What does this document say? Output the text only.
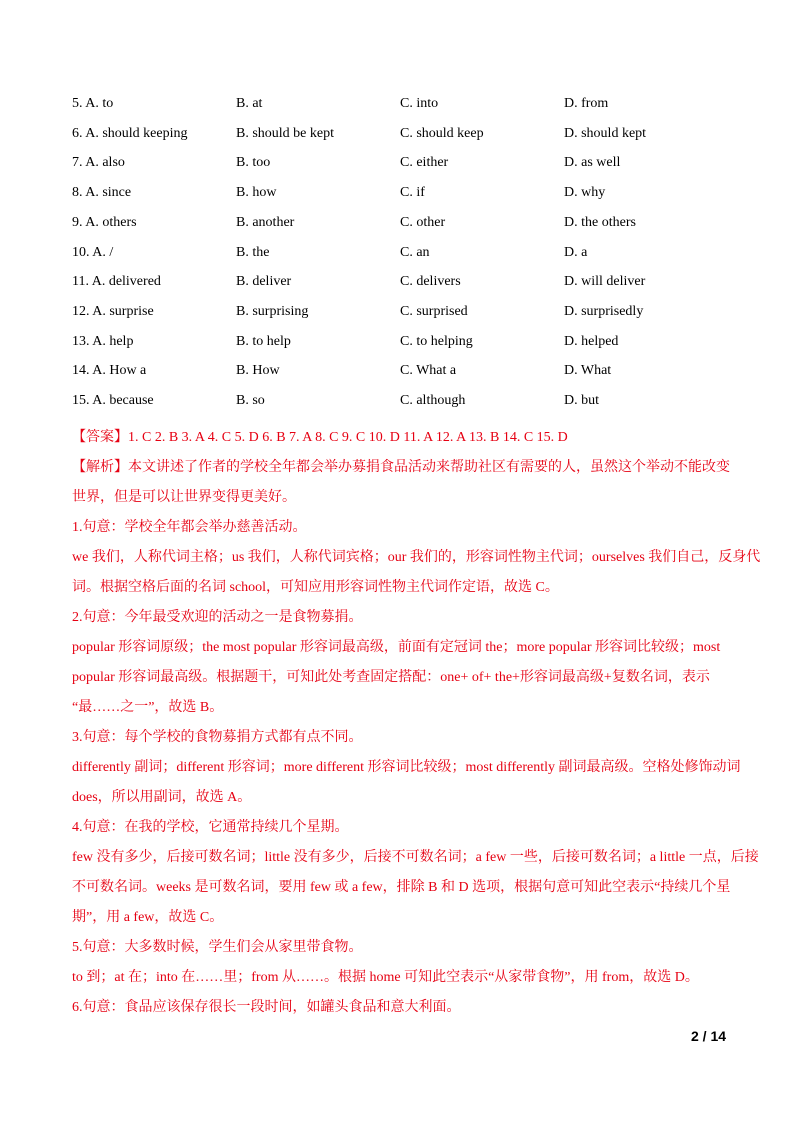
5. A. to	B. at	C. into	D. from
6. A. should keeping	B. should be kept	C. should keep	D. should kept
7. A. also	B. too	C. either	D. as well
8. A. since	B. how	C. if	D. why
9. A. others	B. another	C. other	D. the others
10. A. /	B. the	C. an	D. a
11. A. delivered	B. deliver	C. delivers	D. will deliver
12. A. surprise	B. surprising	C. surprised	D. surprisedly
13. A. help	B. to help	C. to helping	D. helped
14. A. How a	B. How	C. What a	D. What
15. A. because	B. so	C. although	D. but
【答案】1. C 2. B 3. A 4. C 5. D 6. B 7. A 8. C 9. C 10. D 11. A 12. A 13. B 14. C 15. D
【解析】本文讲述了作者的学校全年都会举办募捐食品活动来帮助社区有需要的人，虽然这个举动不能改变
世界，但是可以让世界变得更美好。
1.句意：学校全年都会举办慈善活动。
we 我们，人称代词主格；us 我们，人称代词宾格；our 我们的，形容词性物主代词；ourselves 我们自己，反身代
词。根据空格后面的名词 school，可知应用形容词性物主代词作定语，故选 C。
2.句意：今年最受欢迎的活动之一是食物募捐。
popular 形容词原级；the most popular 形容词最高级，前面有定冠词 the；more popular 形容词比较级；most
popular 形容词最高级。根据题干，可知此处考查固定搭配：one+ of+ the+形容词最高级+复数名词，表示
“最……之一”，故选 B。
3.句意：每个学校的食物募捐方式都有点不同。
differently 副词；different 形容词；more different 形容词比较级；most differently 副词最高级。空格处修饰动词
does，所以用副词，故选 A。
4.句意：在我的学校，它通常持续几个星期。
few 没有多少，后接可数名词；little 没有多少，后接不可数名词；a few 一些，后接可数名词；a little 一点，后接
不可数名词。weeks 是可数名词，要用 few 或 a few，排除 B 和 D 选项，根据句意可知此空表示“持续几个星
期”，用 a few，故选 C。
5.句意：大多数时候，学生们会从家里带食物。
to 到；at 在；into 在……里；from 从……。根据 home 可知此空表示“从家带食物”，用 from，故选 D。
6.句意：食品应该保存很长一段时间，如罐头食品和意大利面。
2 / 14
